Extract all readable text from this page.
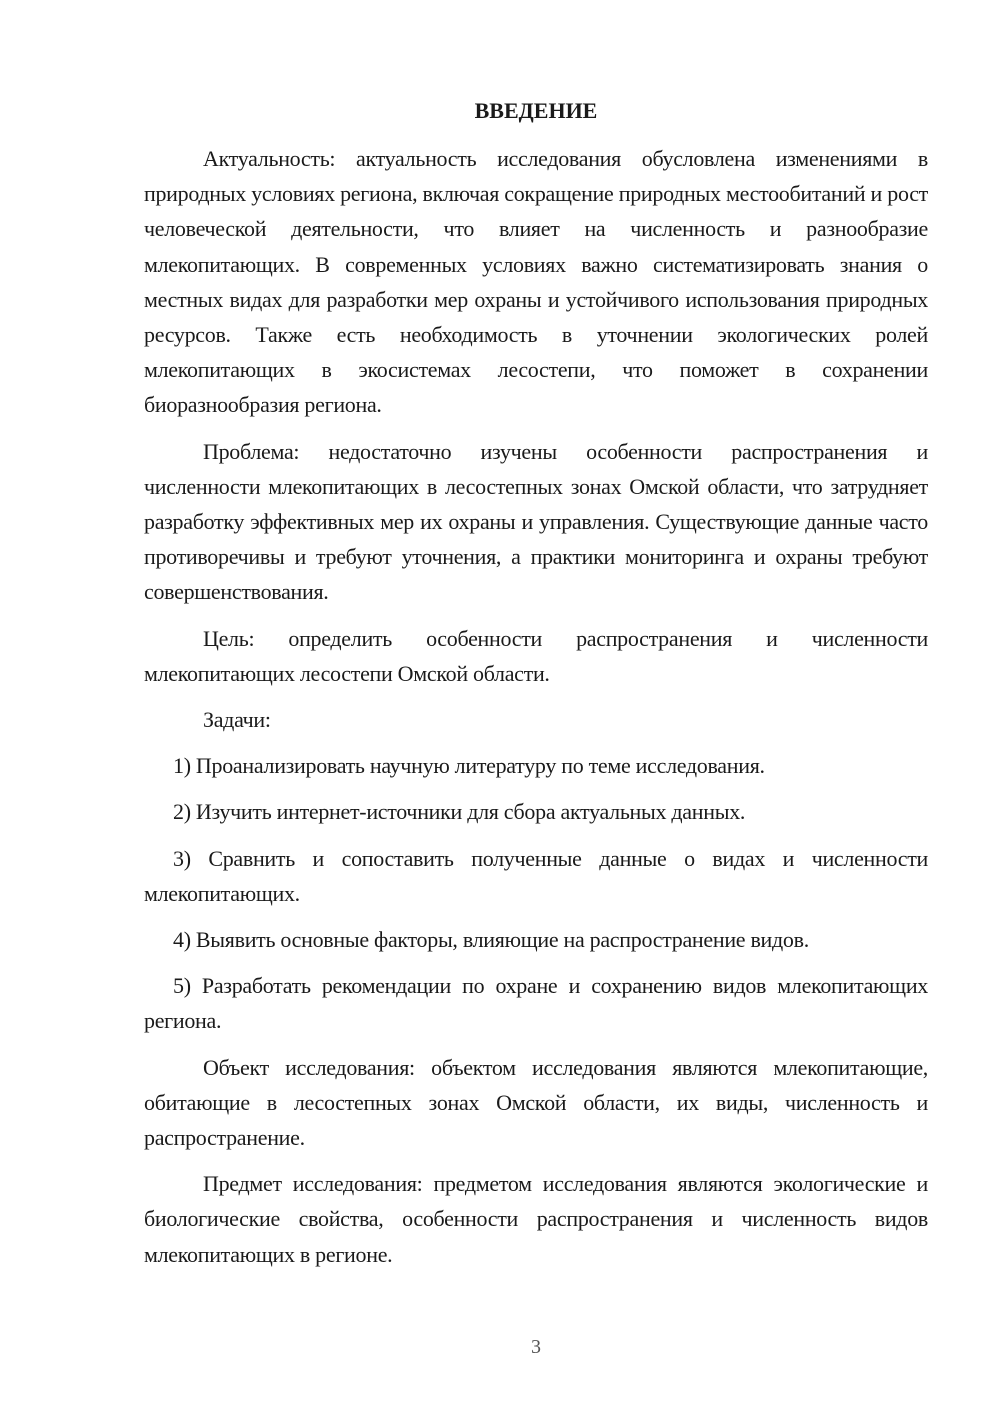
ВВЕДЕНИЕ

Актуальность: актуальность исследования обусловлена изменениями в природных условиях региона, включая сокращение природных местообитаний и рост человеческой деятельности, что влияет на численность и разнообразие млекопитающих. В современных условиях важно систематизировать знания о местных видах для разработки мер охраны и устойчивого использования природных ресурсов. Также есть необходимость в уточнении экологических ролей млекопитающих в экосистемах лесостепи, что поможет в сохранении биоразнообразия региона.

Проблема: недостаточно изучены особенности распространения и численности млекопитающих в лесостепных зонах Омской области, что затрудняет разработку эффективных мер их охраны и управления. Существующие данные часто противоречивы и требуют уточнения, а практики мониторинга и охраны требуют совершенствования.

Цель: определить особенности распространения и численности млекопитающих лесостепи Омской области.

Задачи:

1) Проанализировать научную литературу по теме исследования.

2) Изучить интернет-источники для сбора актуальных данных.

3) Сравнить и сопоставить полученные данные о видах и численности млекопитающих.

4) Выявить основные факторы, влияющие на распространение видов.

5) Разработать рекомендации по охране и сохранению видов млекопитающих региона.

Объект исследования: объектом исследования являются млекопитающие, обитающие в лесостепных зонах Омской области, их виды, численность и распространение.

Предмет исследования: предметом исследования являются экологические и биологические свойства, особенности распространения и численность видов млекопитающих в регионе.

3
